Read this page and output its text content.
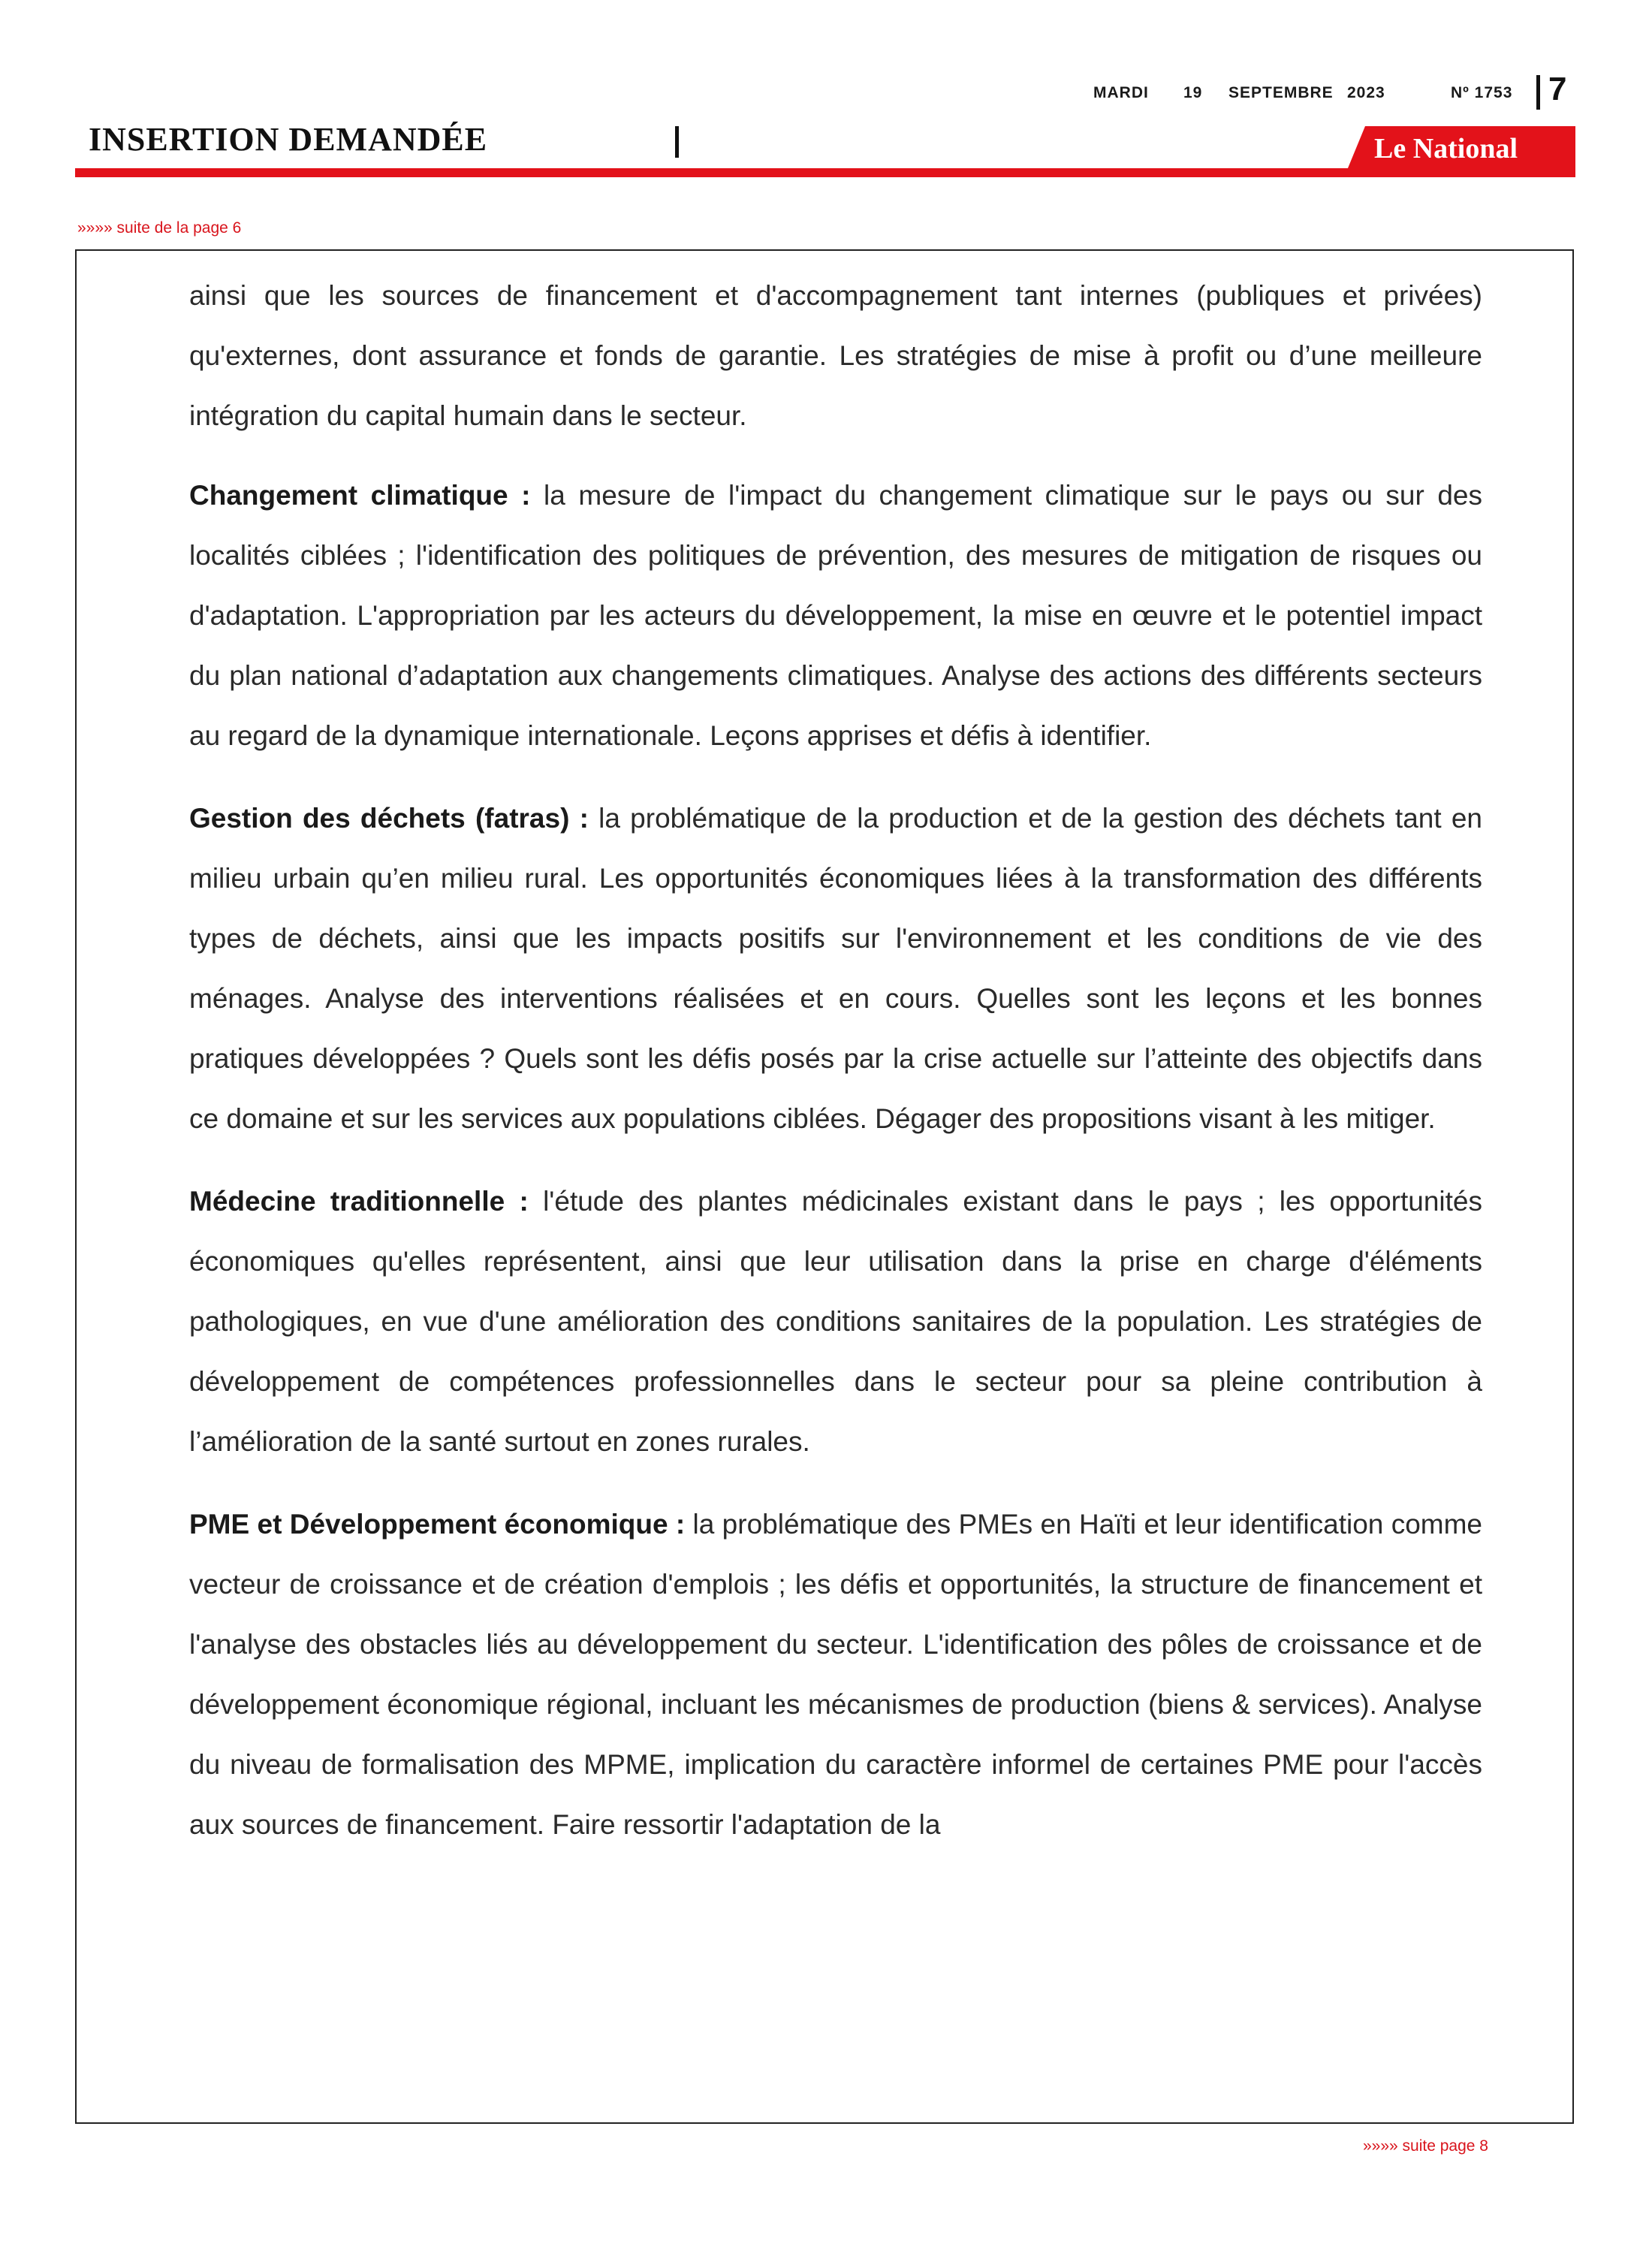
MARDI 19 SEPTEMBRE 2023	Nº 1753 7
INSERTION DEMANDÉE	Le National
»»»» suite de la page 6

ainsi que les sources de financement et d'accompagnement tant internes (publiques et privées) qu'externes, dont assurance et fonds de garantie. Les stratégies de mise à profit ou d’une meilleure intégration du capital humain dans le secteur.

Changement climatique : la mesure de l'impact du changement climatique sur le pays ou sur des localités ciblées ; l'identification des politiques de prévention, des mesures de mitigation de risques ou d'adaptation. L'appropriation par les acteurs du développement, la mise en œuvre et le potentiel impact du plan national d’adaptation aux changements climatiques. Analyse des actions des différents secteurs au regard de la dynamique internationale. Leçons apprises et défis à identifier.

Gestion des déchets (fatras) : la problématique de la production et de la gestion des déchets tant en milieu urbain qu’en milieu rural. Les opportunités économiques liées à la transformation des différents types de déchets, ainsi que les impacts positifs sur l'environnement et les conditions de vie des ménages. Analyse des interventions réalisées et en cours. Quelles sont les leçons et les bonnes pratiques développées ? Quels sont les défis posés par la crise actuelle sur l’atteinte des objectifs dans ce domaine et sur les services aux populations ciblées. Dégager des propositions visant à les mitiger.

Médecine traditionnelle : l'étude des plantes médicinales existant dans le pays ; les opportunités économiques qu'elles représentent, ainsi que leur utilisation dans la prise en charge d'éléments pathologiques, en vue d'une amélioration des conditions sanitaires de la population. Les stratégies de développement de compétences professionnelles dans le secteur pour sa pleine contribution à l’amélioration de la santé surtout en zones rurales.

PME et Développement économique : la problématique des PMEs en Haïti et leur identification comme vecteur de croissance et de création d'emplois ; les défis et opportunités, la structure de financement et l'analyse des obstacles liés au développement du secteur. L'identification des pôles de croissance et de développement économique régional, incluant les mécanismes de production (biens & services). Analyse du niveau de formalisation des MPME, implication du caractère informel de certaines PME pour l'accès aux sources de financement. Faire ressortir l'adaptation de la

»»»» suite page 8
